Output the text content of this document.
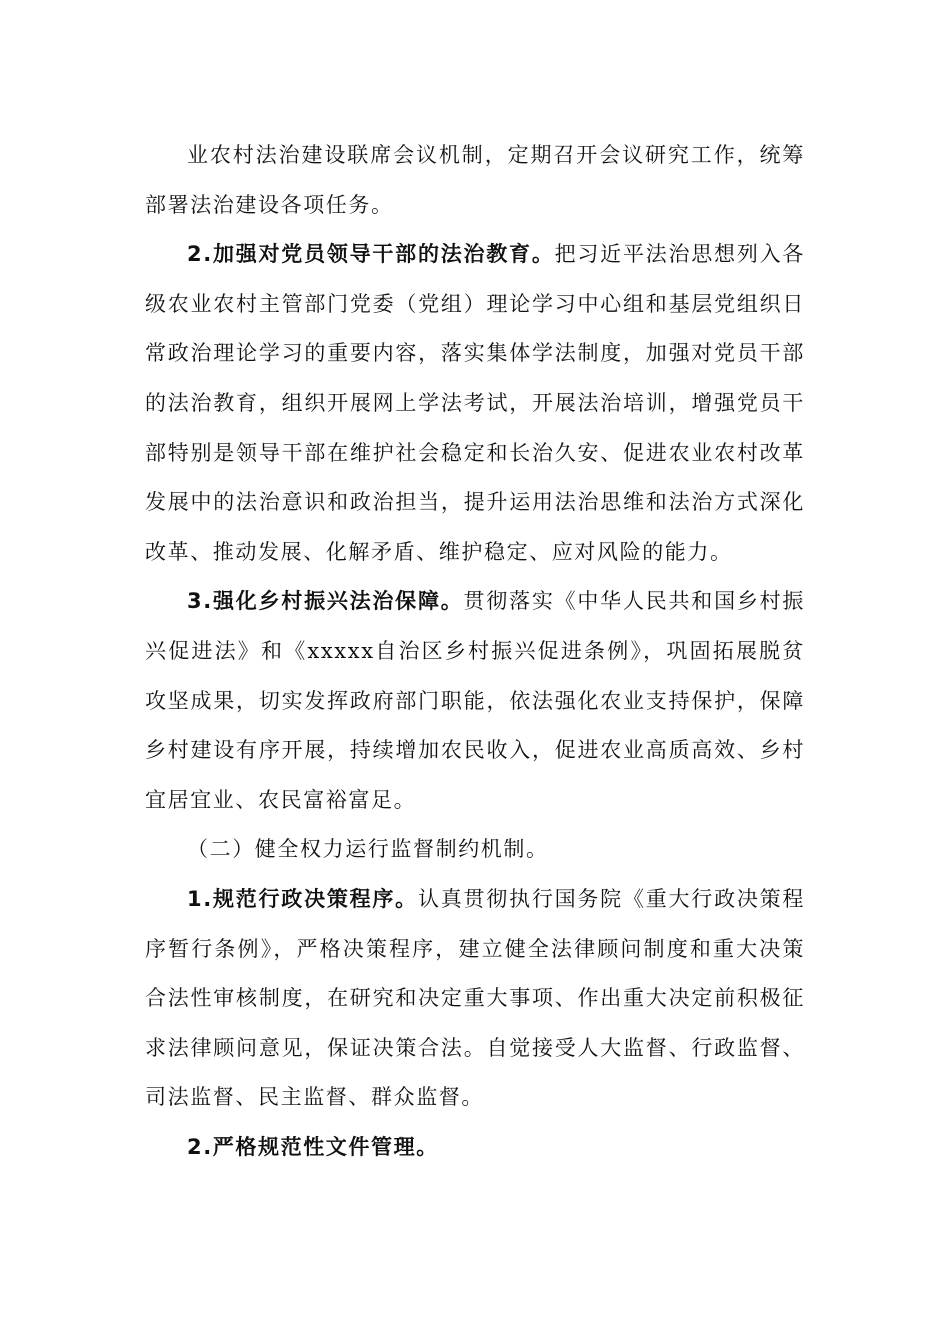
业农村法治建设联席会议机制，定期召开会议研究工作，统筹部署法治建设各项任务。

2.加强对党员领导干部的法治教育。把习近平法治思想列入各级农业农村主管部门党委（党组）理论学习中心组和基层党组织日常政治理论学习的重要内容，落实集体学法制度，加强对党员干部的法治教育，组织开展网上学法考试，开展法治培训，增强党员干部特别是领导干部在维护社会稳定和长治久安、促进农业农村改革发展中的法治意识和政治担当，提升运用法治思维和法治方式深化改革、推动发展、化解矛盾、维护稳定、应对风险的能力。

3.强化乡村振兴法治保障。贯彻落实《中华人民共和国乡村振兴促进法》和《xxxxx自治区乡村振兴促进条例》，巩固拓展脱贫攻坚成果，切实发挥政府部门职能，依法强化农业支持保护，保障乡村建设有序开展，持续增加农民收入，促进农业高质高效、乡村宜居宜业、农民富裕富足。

（二）健全权力运行监督制约机制。

1.规范行政决策程序。认真贯彻执行国务院《重大行政决策程序暂行条例》，严格决策程序，建立健全法律顾问制度和重大决策合法性审核制度，在研究和决定重大事项、作出重大决定前积极征求法律顾问意见，保证决策合法。自觉接受人大监督、行政监督、司法监督、民主监督、群众监督。

2.严格规范性文件管理。
